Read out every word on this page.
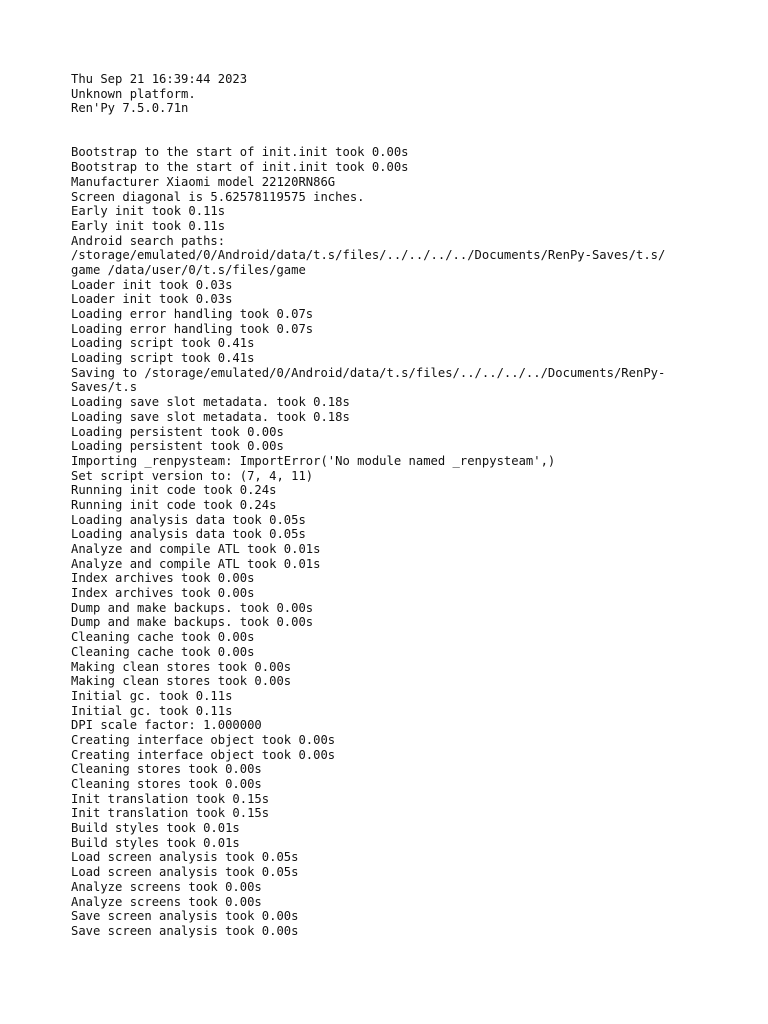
Thu Sep 21 16:39:44 2023
Unknown platform.
Ren'Py 7.5.0.71n
Bootstrap to the start of init.init took 0.00s
Bootstrap to the start of init.init took 0.00s
Manufacturer Xiaomi model 22120RN86G
Screen diagonal is 5.62578119575 inches.
Early init took 0.11s
Early init took 0.11s
Android search paths:
/storage/emulated/0/Android/data/t.s/files/../../../../Documents/RenPy-Saves/t.s/
game /data/user/0/t.s/files/game
Loader init took 0.03s
Loader init took 0.03s
Loading error handling took 0.07s
Loading error handling took 0.07s
Loading script took 0.41s
Loading script took 0.41s
Saving to /storage/emulated/0/Android/data/t.s/files/../../../../Documents/RenPy-
Saves/t.s
Loading save slot metadata. took 0.18s
Loading save slot metadata. took 0.18s
Loading persistent took 0.00s
Loading persistent took 0.00s
Importing _renpysteam: ImportError('No module named _renpysteam',)
Set script version to: (7, 4, 11)
Running init code took 0.24s
Running init code took 0.24s
Loading analysis data took 0.05s
Loading analysis data took 0.05s
Analyze and compile ATL took 0.01s
Analyze and compile ATL took 0.01s
Index archives took 0.00s
Index archives took 0.00s
Dump and make backups. took 0.00s
Dump and make backups. took 0.00s
Cleaning cache took 0.00s
Cleaning cache took 0.00s
Making clean stores took 0.00s
Making clean stores took 0.00s
Initial gc. took 0.11s
Initial gc. took 0.11s
DPI scale factor: 1.000000
Creating interface object took 0.00s
Creating interface object took 0.00s
Cleaning stores took 0.00s
Cleaning stores took 0.00s
Init translation took 0.15s
Init translation took 0.15s
Build styles took 0.01s
Build styles took 0.01s
Load screen analysis took 0.05s
Load screen analysis took 0.05s
Analyze screens took 0.00s
Analyze screens took 0.00s
Save screen analysis took 0.00s
Save screen analysis took 0.00s
